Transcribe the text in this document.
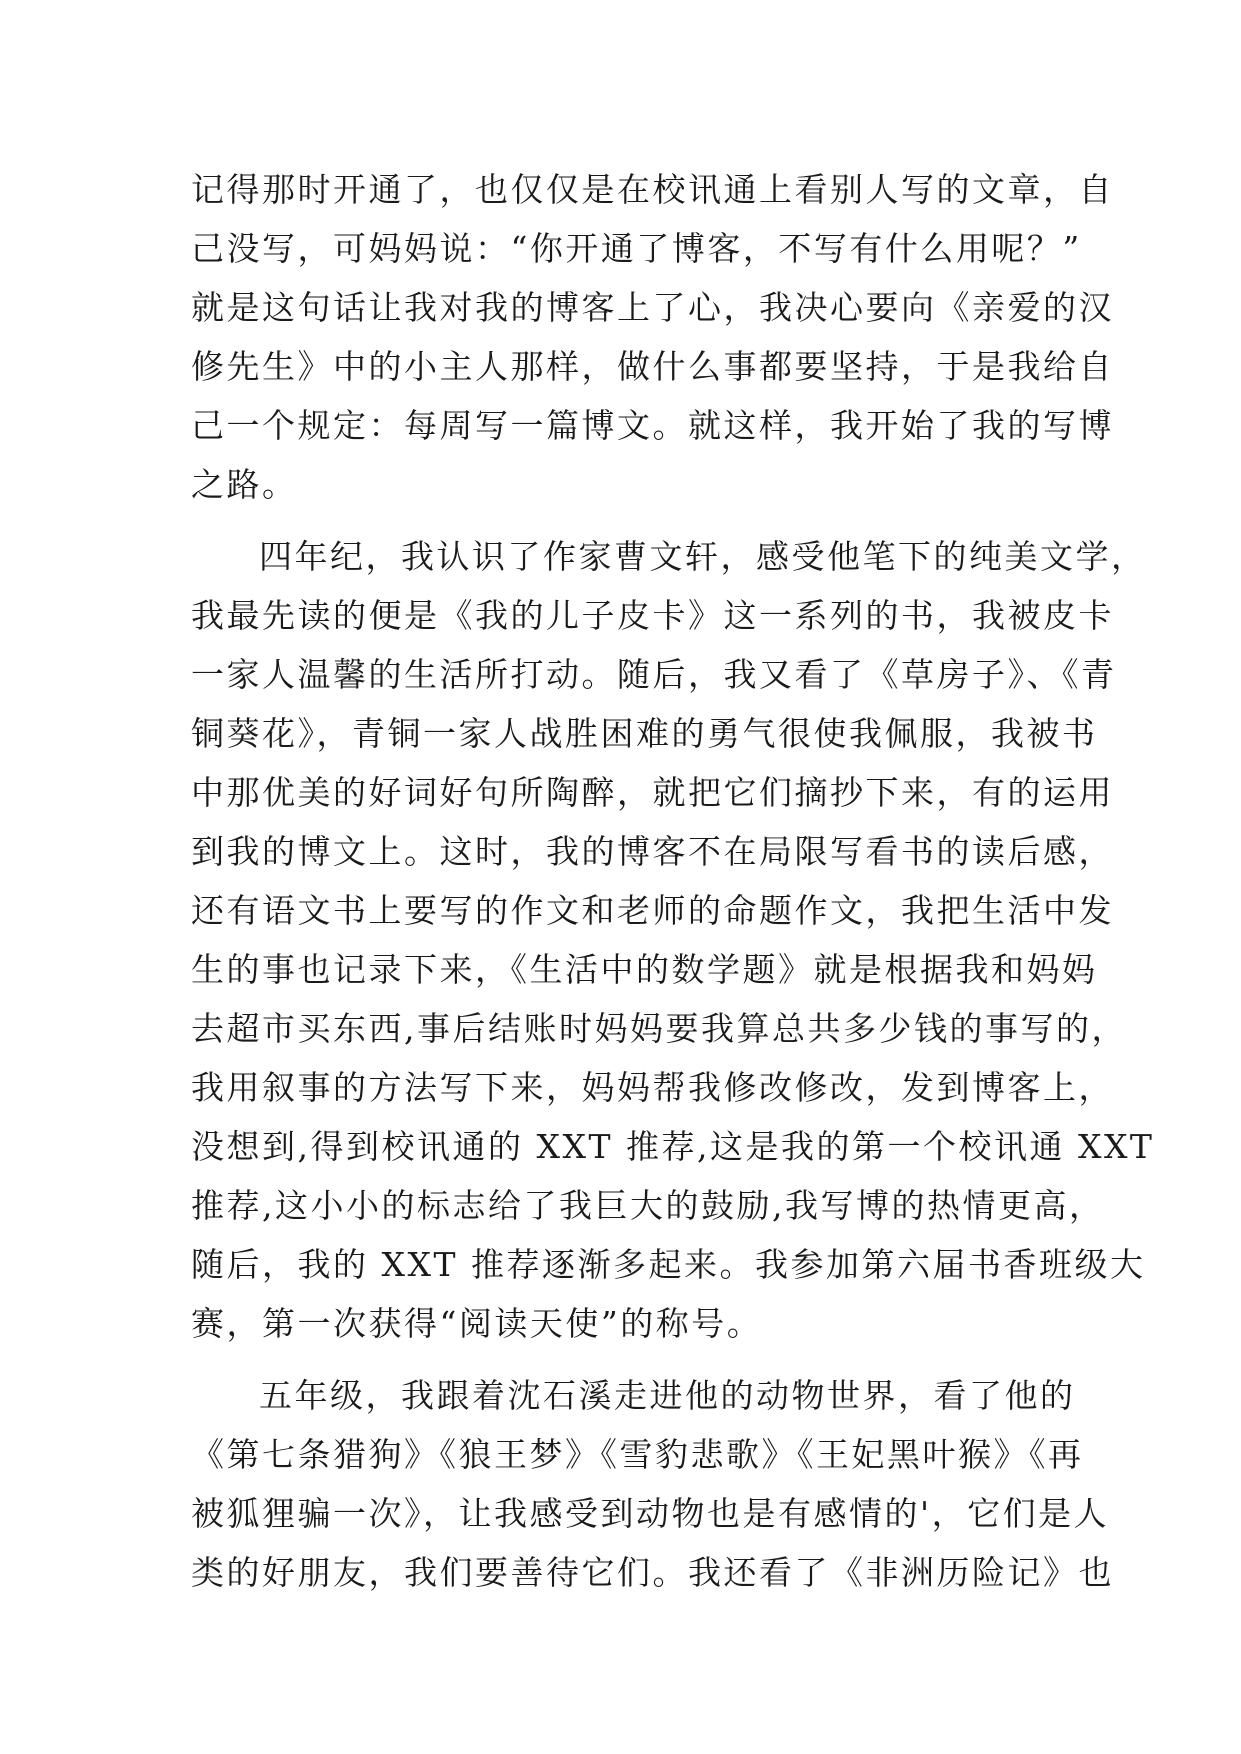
记得那时开通了，也仅仅是在校讯通上看别人写的文章，自
己没写，可妈妈说：“你开通了博客，不写有什么用呢？”
就是这句话让我对我的博客上了心，我决心要向《亲爱的汉
修先生》中的小主人那样，做什么事都要坚持，于是我给自
己一个规定：每周写一篇博文。就这样，我开始了我的写博
之路。
四年纪，我认识了作家曹文轩，感受他笔下的纯美文学，
我最先读的便是《我的儿子皮卡》这一系列的书，我被皮卡
一家人温馨的生活所打动。随后，我又看了《草房子》、《青
铜葵花》，青铜一家人战胜困难的勇气很使我佩服，我被书
中那优美的好词好句所陶醉，就把它们摘抄下来，有的运用
到我的博文上。这时，我的博客不在局限写看书的读后感，
还有语文书上要写的作文和老师的命题作文，我把生活中发
生的事也记录下来，《生活中的数学题》就是根据我和妈妈
去超市买东西,事后结账时妈妈要我算总共多少钱的事写的，
我用叙事的方法写下来，妈妈帮我修改修改，发到博客上，
没想到,得到校讯通的 XXT 推荐,这是我的第一个校讯通 XXT
推荐,这小小的标志给了我巨大的鼓励,我写博的热情更高，
随后，我的 XXT 推荐逐渐多起来。我参加第六届书香班级大
赛，第一次获得“阅读天使”的称号。
五年级，我跟着沈石溪走进他的动物世界，看了他的
《第七条猎狗》《狼王梦》《雪豹悲歌》《王妃黑叶猴》《再
被狐狸骗一次》，让我感受到动物也是有感情的'，它们是人
类的好朋友，我们要善待它们。我还看了《非洲历险记》也
